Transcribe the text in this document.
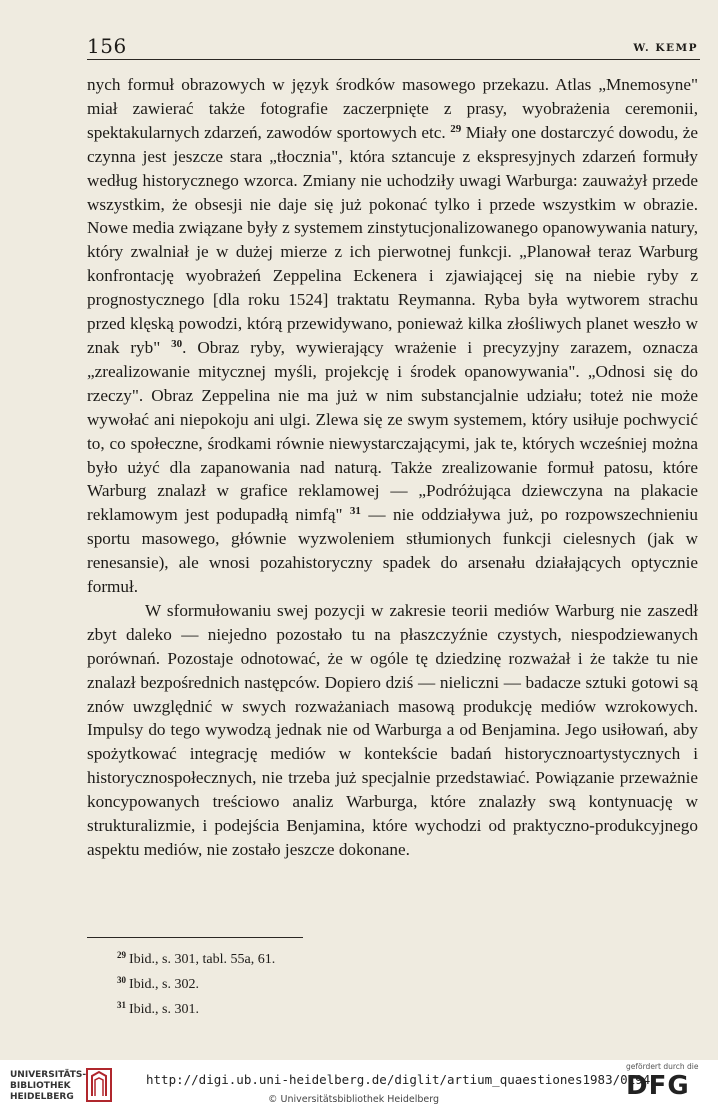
156	W. KEMP

nych formuł obrazowych w język środków masowego przekazu. Atlas „Mnemosyne" miał zawierać także fotografie zaczerpnięte z prasy, wyobrażenia ceremonii, spektakularnych zdarzeń, zawodów sportowych etc. $^{29}$ Miały one dostarczyć dowodu, że czynna jest jeszcze stara „tłocznia", która sztancuje z ekspresyjnych zdarzeń formuły według historycznego wzorca. Zmiany nie uchodziły uwagi Warburga: zauważył przede wszystkim, że obsesji nie daje się już pokonać tylko i przede wszystkim w obrazie. Nowe media związane były z systemem zinstytucjonalizowanego opanowywania natury, który zwalniał je w dużej mierze z ich pierwotnej funkcji. „Planował teraz Warburg konfrontację wyobrażeń Zeppelina Eckenera i zjawiającej się na niebie ryby z prognostycznego [dla roku 1524] traktatu Reymanna. Ryba była wytworem strachu przed klęską powodzi, którą przewidywano, ponieważ kilka złośliwych planet weszło w znak ryb" $^{30}$. Obraz ryby, wywierający wrażenie i precyzyjny zarazem, oznacza „zrealizowanie mitycznej myśli, projekcję i środek opanowywania". „Odnosi się do rzeczy". Obraz Zeppelina nie ma już w nim substancjalnie udziału; toteż nie może wywołać ani niepokoju ani ulgi. Zlewa się ze swym systemem, który usiłuje pochwycić to, co społeczne, środkami równie niewystarczającymi, jak te, których wcześniej można było użyć dla zapanowania nad naturą. Także zrealizowanie formuł patosu, które Warburg znalazł w grafice reklamowej — „Podróżująca dziewczyna na plakacie reklamowym jest podupadłą nimfą" $^{31}$ — nie oddziaływa już, po rozpowszechnieniu sportu masowego, głównie wyzwoleniem stłumionych funkcji cielesnych (jak w renesansie), ale wnosi pozahistoryczny spadek do arsenału działających optycznie formuł.

W sformułowaniu swej pozycji w zakresie teorii mediów Warburg nie zaszedł zbyt daleko — niejedno pozostało tu na płaszczyźnie czystych, niespodziewanych porównań. Pozostaje odnotować, że w ogóle tę dziedzinę rozważał i że także tu nie znalazł bezpośrednich następców. Dopiero dziś — nieliczni — badacze sztuki gotowi są znów uwzględnić w swych rozważaniach masową produkcję mediów wzrokowych. Impulsy do tego wywodzą jednak nie od Warburga a od Benjamina. Jego usiłowań, aby spożytkować integrację mediów w kontekście badań historycznoartystycznych i historycznospołecznych, nie trzeba już specjalnie przedstawiać. Powiązanie przeważnie koncypowanych treściowo analiz Warburga, które znalazły swą kontynuację w strukturalizmie, i podejścia Benjamina, które wychodzi od praktyczno-produkcyjnego aspektu mediów, nie zostało jeszcze dokonane.

$^{29}$ Ibid., s. 301, tabl. 55a, 61.
$^{30}$ Ibid., s. 302.
$^{31}$ Ibid., s. 301.
UNIVERSITÄTS-
BIBLIOTHEK
HEIDELBERG
http://digi.ub.uni-heidelberg.de/diglit/artium_quaestiones1983/0194
© Universitätsbibliothek Heidelberg
gefördert durch die
DFG
